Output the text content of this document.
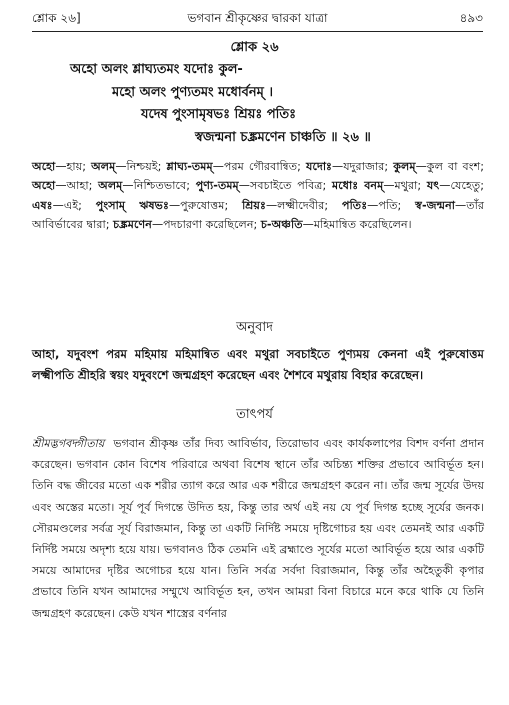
শ্লোক ২৬]	ভগবান শ্রীকৃষ্ণের দ্বারকা যাত্রা	৪৯৩
শ্লোক ২৬
অহো অলং শ্লাঘ্যতমং যদোঃ কুল-
মহো অলং পুণ্যতমং মধোর্বনম্ ।
যদেষ পুংসামৃষভঃ শ্রিয়ঃ পতিঃ
স্বজন্মনা চঙ্ক্রমণেন চাঞ্চতি ॥ ২৬ ॥

অহো—হায়; অলম্—নিশ্চয়ই; শ্লাঘ্য-তমম্—পরম গৌরবান্বিত; যদোঃ—যদুরাজার; কুলম্—কুল বা বংশ; অহো—আহা; অলম্—নিশ্চিতভাবে; পুণ্য-তমম্—সবচাইতে পবিত্র; মধোঃ বনম্—মথুরা; যৎ—যেহেতু; এষঃ—এই; পুংসাম্ ঋষভঃ—পুরুষোত্তম; শ্রিয়ঃ—লক্ষ্মীদেবীর; পতিঃ—পতি; স্ব-জন্মনা—তাঁর আবির্ভাবের দ্বারা; চঙ্ক্রমণেন—পদচারণা করেছিলেন; চ-অঞ্চতি—মহিমান্বিত করেছিলেন।

অনুবাদ

আহা, যদুবংশ পরম মহিমায় মহিমান্বিত এবং মথুরা সবচাইতে পুণ্যময় কেননা এই পুরুষোত্তম লক্ষ্মীপতি শ্রীহরি স্বয়ং যদুবংশে জন্মগ্রহণ করেছেন এবং শৈশবে মথুরায় বিহার করেছেন।

তাৎপর্য

শ্রীমদ্ভগবদ্গীতায় ভগবান শ্রীকৃষ্ণ তাঁর দিব্য আবির্ভাব, তিরোভাব এবং কার্যকলাপের বিশদ বর্ণনা প্রদান করেছেন। ভগবান কোন বিশেষ পরিবারে অথবা বিশেষ স্থানে তাঁর অচিন্ত্য শক্তির প্রভাবে আবির্ভূত হন। তিনি বদ্ধ জীবের মতো এক শরীর ত্যাগ করে আর এক শরীরে জন্মগ্রহণ করেন না। তাঁর জন্ম সূর্যের উদয় এবং অস্তের মতো। সূর্য পূর্ব দিগন্তে উদিত হয়, কিন্তু তার অর্থ এই নয় যে পূর্ব দিগন্ত হচ্ছে সূর্যের জনক। সৌরমণ্ডলের সর্বত্র সূর্য বিরাজমান, কিন্তু তা একটি নির্দিষ্ট সময়ে দৃষ্টিগোচর হয় এবং তেমনই আর একটি নির্দিষ্ট সময়ে অদৃশ্য হয়ে যায়। ভগবানও ঠিক তেমনি এই ব্রহ্মাণ্ডে সূর্যের মতো আবির্ভূত হয়ে আর একটি সময়ে আমাদের দৃষ্টির অগোচর হয়ে যান। তিনি সর্বত্র সর্বদা বিরাজমান, কিন্তু তাঁর অহৈতুকী কৃপার প্রভাবে তিনি যখন আমাদের সম্মুখে আবির্ভূত হন, তখন আমরা বিনা বিচারে মনে করে থাকি যে তিনি জন্মগ্রহণ করেছেন। কেউ যখন শাস্ত্রের বর্ণনার
